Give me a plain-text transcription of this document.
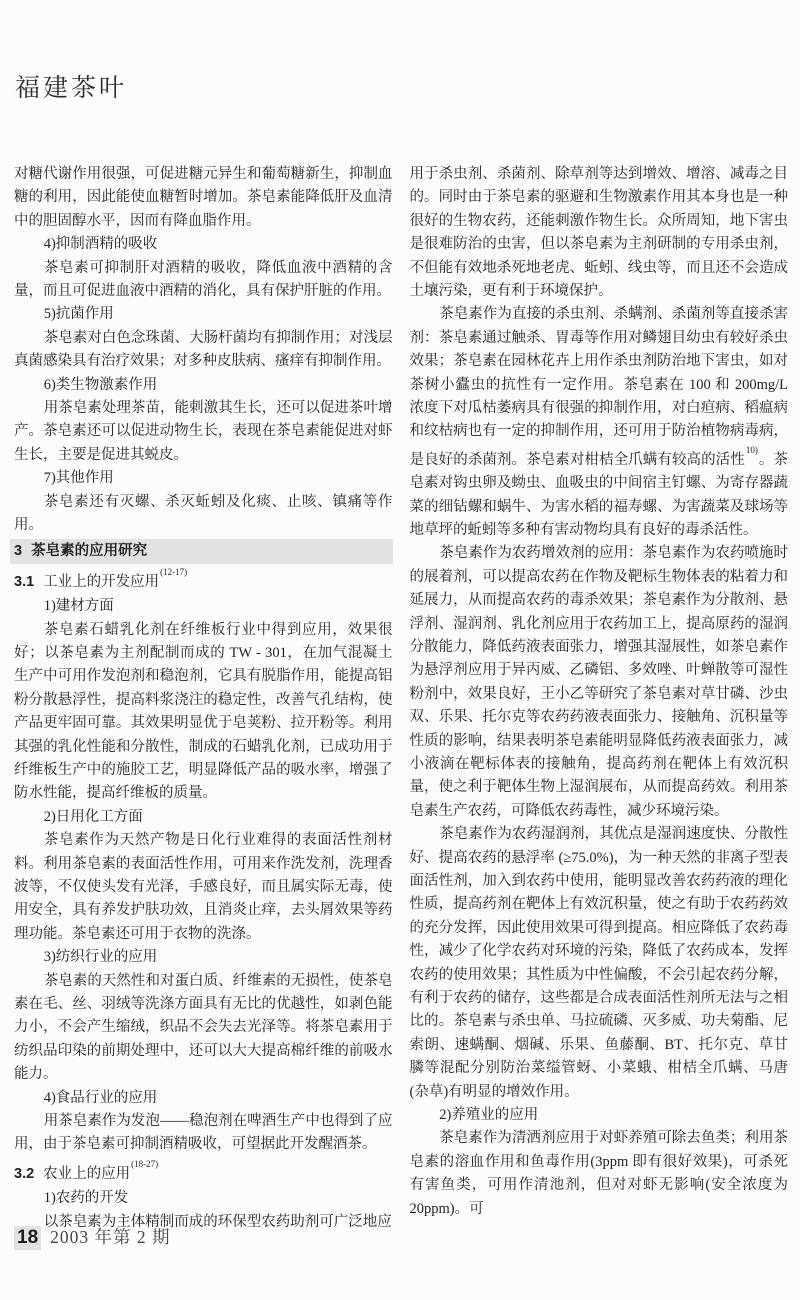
福建茶叶
对糖代谢作用很强，可促进糖元异生和葡萄糖新生，抑制血糖的利用，因此能使血糖暂时增加。茶皂素能降低肝及血清中的胆固醇水平，因而有降血脂作用。
4)抑制酒精的吸收
茶皂素可抑制肝对酒精的吸收，降低血液中酒精的含量，而且可促进血液中酒精的消化，具有保护肝脏的作用。
5)抗菌作用
茶皂素对白色念珠菌、大肠杆菌均有抑制作用；对浅层真菌感染具有治疗效果；对多种皮肤病、瘙痒有抑制作用。
6)类生物激素作用
用茶皂素处理茶苗，能刺激其生长，还可以促进茶叶增产。茶皂素还可以促进动物生长，表现在茶皂素能促进对虾生长，主要是促进其蜕皮。
7)其他作用
茶皂素还有灭螺、杀灭蚯蚓及化痰、止咳、镇痛等作用。
3 茶皂素的应用研究
3.1 工业上的开发应用$^{(12-17)}$
1)建材方面
茶皂素石蜡乳化剂在纤维板行业中得到应用，效果很好；以茶皂素为主剂配制而成的 TW - 301，在加气混凝土生产中可用作发泡剂和稳泡剂，它具有脱脂作用，能提高铝粉分散悬浮性，提高料浆浇注的稳定性，改善气孔结构，使产品更牢固可靠。其效果明显优于皂荚粉、拉开粉等。利用其强的乳化性能和分散性，制成的石蜡乳化剂，已成功用于纤维板生产中的施胶工艺，明显降低产品的吸水率，增强了防水性能，提高纤维板的质量。
2)日用化工方面
茶皂素作为天然产物是日化行业难得的表面活性剂材料。利用茶皂素的表面活性作用，可用来作洗发剂，洗理香波等，不仅使头发有光泽，手感良好，而且属实际无毒，使用安全，具有养发护肤功效，且消炎止痒，去头屑效果等药理功能。茶皂素还可用于衣物的洗涤。
3)纺织行业的应用
茶皂素的天然性和对蛋白质、纤维素的无损性，使茶皂素在毛、丝、羽绒等洗涤方面具有无比的优越性，如剥色能力小，不会产生缩绒，织品不会失去光泽等。将茶皂素用于纺织品印染的前期处理中，还可以大大提高棉纤维的前吸水能力。
4)食品行业的应用
用茶皂素作为发泡——稳泡剂在啤酒生产中也得到了应用，由于茶皂素可抑制酒精吸收，可望据此开发醒酒茶。
3.2 农业上的应用$^{(18-27)}$
1)农药的开发
以茶皂素为主体精制而成的环保型农药助剂可广泛地应
用于杀虫剂、杀菌剂、除草剂等达到增效、增溶、减毒之目的。同时由于茶皂素的驱避和生物激素作用其本身也是一种很好的生物农药，还能刺激作物生长。众所周知，地下害虫是很难防治的虫害，但以茶皂素为主剂研制的专用杀虫剂，不但能有效地杀死地老虎、蚯蚓、线虫等，而且还不会造成土壤污染，更有利于环境保护。
茶皂素作为直接的杀虫剂、杀螨剂、杀菌剂等直接杀害剂：茶皂素通过触杀、胃毒等作用对鳞翅目幼虫有较好杀虫效果；茶皂素在园林花卉上用作杀虫剂防治地下害虫，如对茶树小蠹虫的抗性有一定作用。茶皂素在 100 和 200mg/L 浓度下对瓜枯萎病具有很强的抑制作用，对白疸病、稻瘟病和纹枯病也有一定的抑制作用，还可用于防治植物病毒病，是良好的杀菌剂。茶皂素对柑桔全爪螨有较高的活性$^{10)}$。茶皂素对钩虫卵及蚴虫、血吸虫的中间宿主钉螺、为寄存器蔬菜的细钻螺和蜗牛、为害水稻的福寿螺、为害蔬菜及球场等地草坪的蚯蚓等多种有害动物均具有良好的毒杀活性。
茶皂素作为农药增效剂的应用：茶皂素作为农药喷施时的展着剂，可以提高农药在作物及靶标生物体表的粘着力和延展力，从而提高农药的毒杀效果；茶皂素作为分散剂、悬浮剂、湿润剂、乳化剂应用于农药加工上，提高原药的湿润分散能力，降低药液表面张力，增强其湿展性，如茶皂素作为悬浮剂应用于异丙威、乙磷铝、多效唑、叶蝉散等可湿性粉剂中，效果良好，王小乙等研究了茶皂素对草甘磷、沙虫双、乐果、托尔克等农药药液表面张力、接触角、沉积量等性质的影响，结果表明茶皂素能明显降低药液表面张力，减小液滴在靶标体表的接触角，提高药剂在靶体上有效沉积量，使之利于靶体生物上湿润展布，从而提高药效。利用茶皂素生产农药，可降低农药毒性，减少环境污染。
茶皂素作为农药湿润剂，其优点是湿润速度快、分散性好、提高农药的悬浮率 (≥75.0%)，为一种天然的非离子型表面活性剂，加入到农药中使用，能明显改善农药药液的理化性质，提高药剂在靶体上有效沉积量，使之有助于农药药效的充分发挥，因此使用效果可得到提高。相应降低了农药毒性，减少了化学农药对环境的污染，降低了农药成本，发挥农药的使用效果；其性质为中性偏酸，不会引起农药分解，有利于农药的储存，这些都是合成表面活性剂所无法与之相比的。茶皂素与杀虫单、马拉硫磷、灭多威、功夫菊酯、尼索朗、速螨酮、烟碱、乐果、鱼藤酮、BT、托尔克、草甘膦等混配分别防治菜缢管蚜、小菜蛾、柑桔全爪螨、马唐(杂草)有明显的增效作用。
2)养殖业的应用
茶皂素作为清洒剂应用于对虾养殖可除去鱼类；利用茶皂素的溶血作用和鱼毒作用(3ppm 即有很好效果)，可杀死有害鱼类，可用作清池剂，但对对虾无影响(安全浓度为 20ppm)。可
18 2003 年第 2 期
